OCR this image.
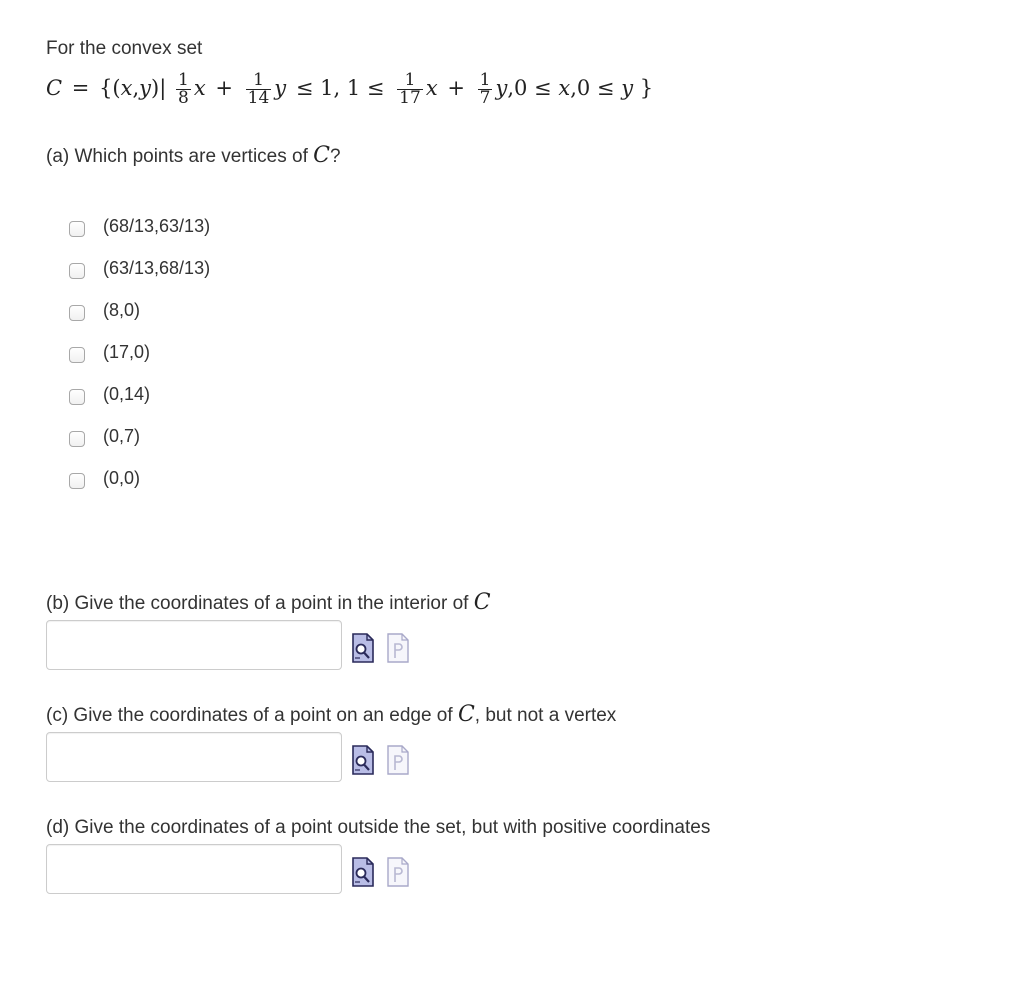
For the convex set
$C = \{(x,y)| \frac{1}{8}$ $x + \frac{1}{14}$ y ≤ 1, $1 \le \frac{1}{17}$ $x + \frac{1}{7} y,0 \le x,0 \le y$ }
(a) Which points are vertices of C?
(68/13,63/13)
(63/13,68/13)
(8,0)
(17,0)
(0,14)
(0,7)
(0,0)
(b) Give the coordinates of a point in the interior of C
(c) Give the coordinates of a point on an edge of C, but not a vertex
(d) Give the coordinates of a point outside the set, but with positive coordinates
